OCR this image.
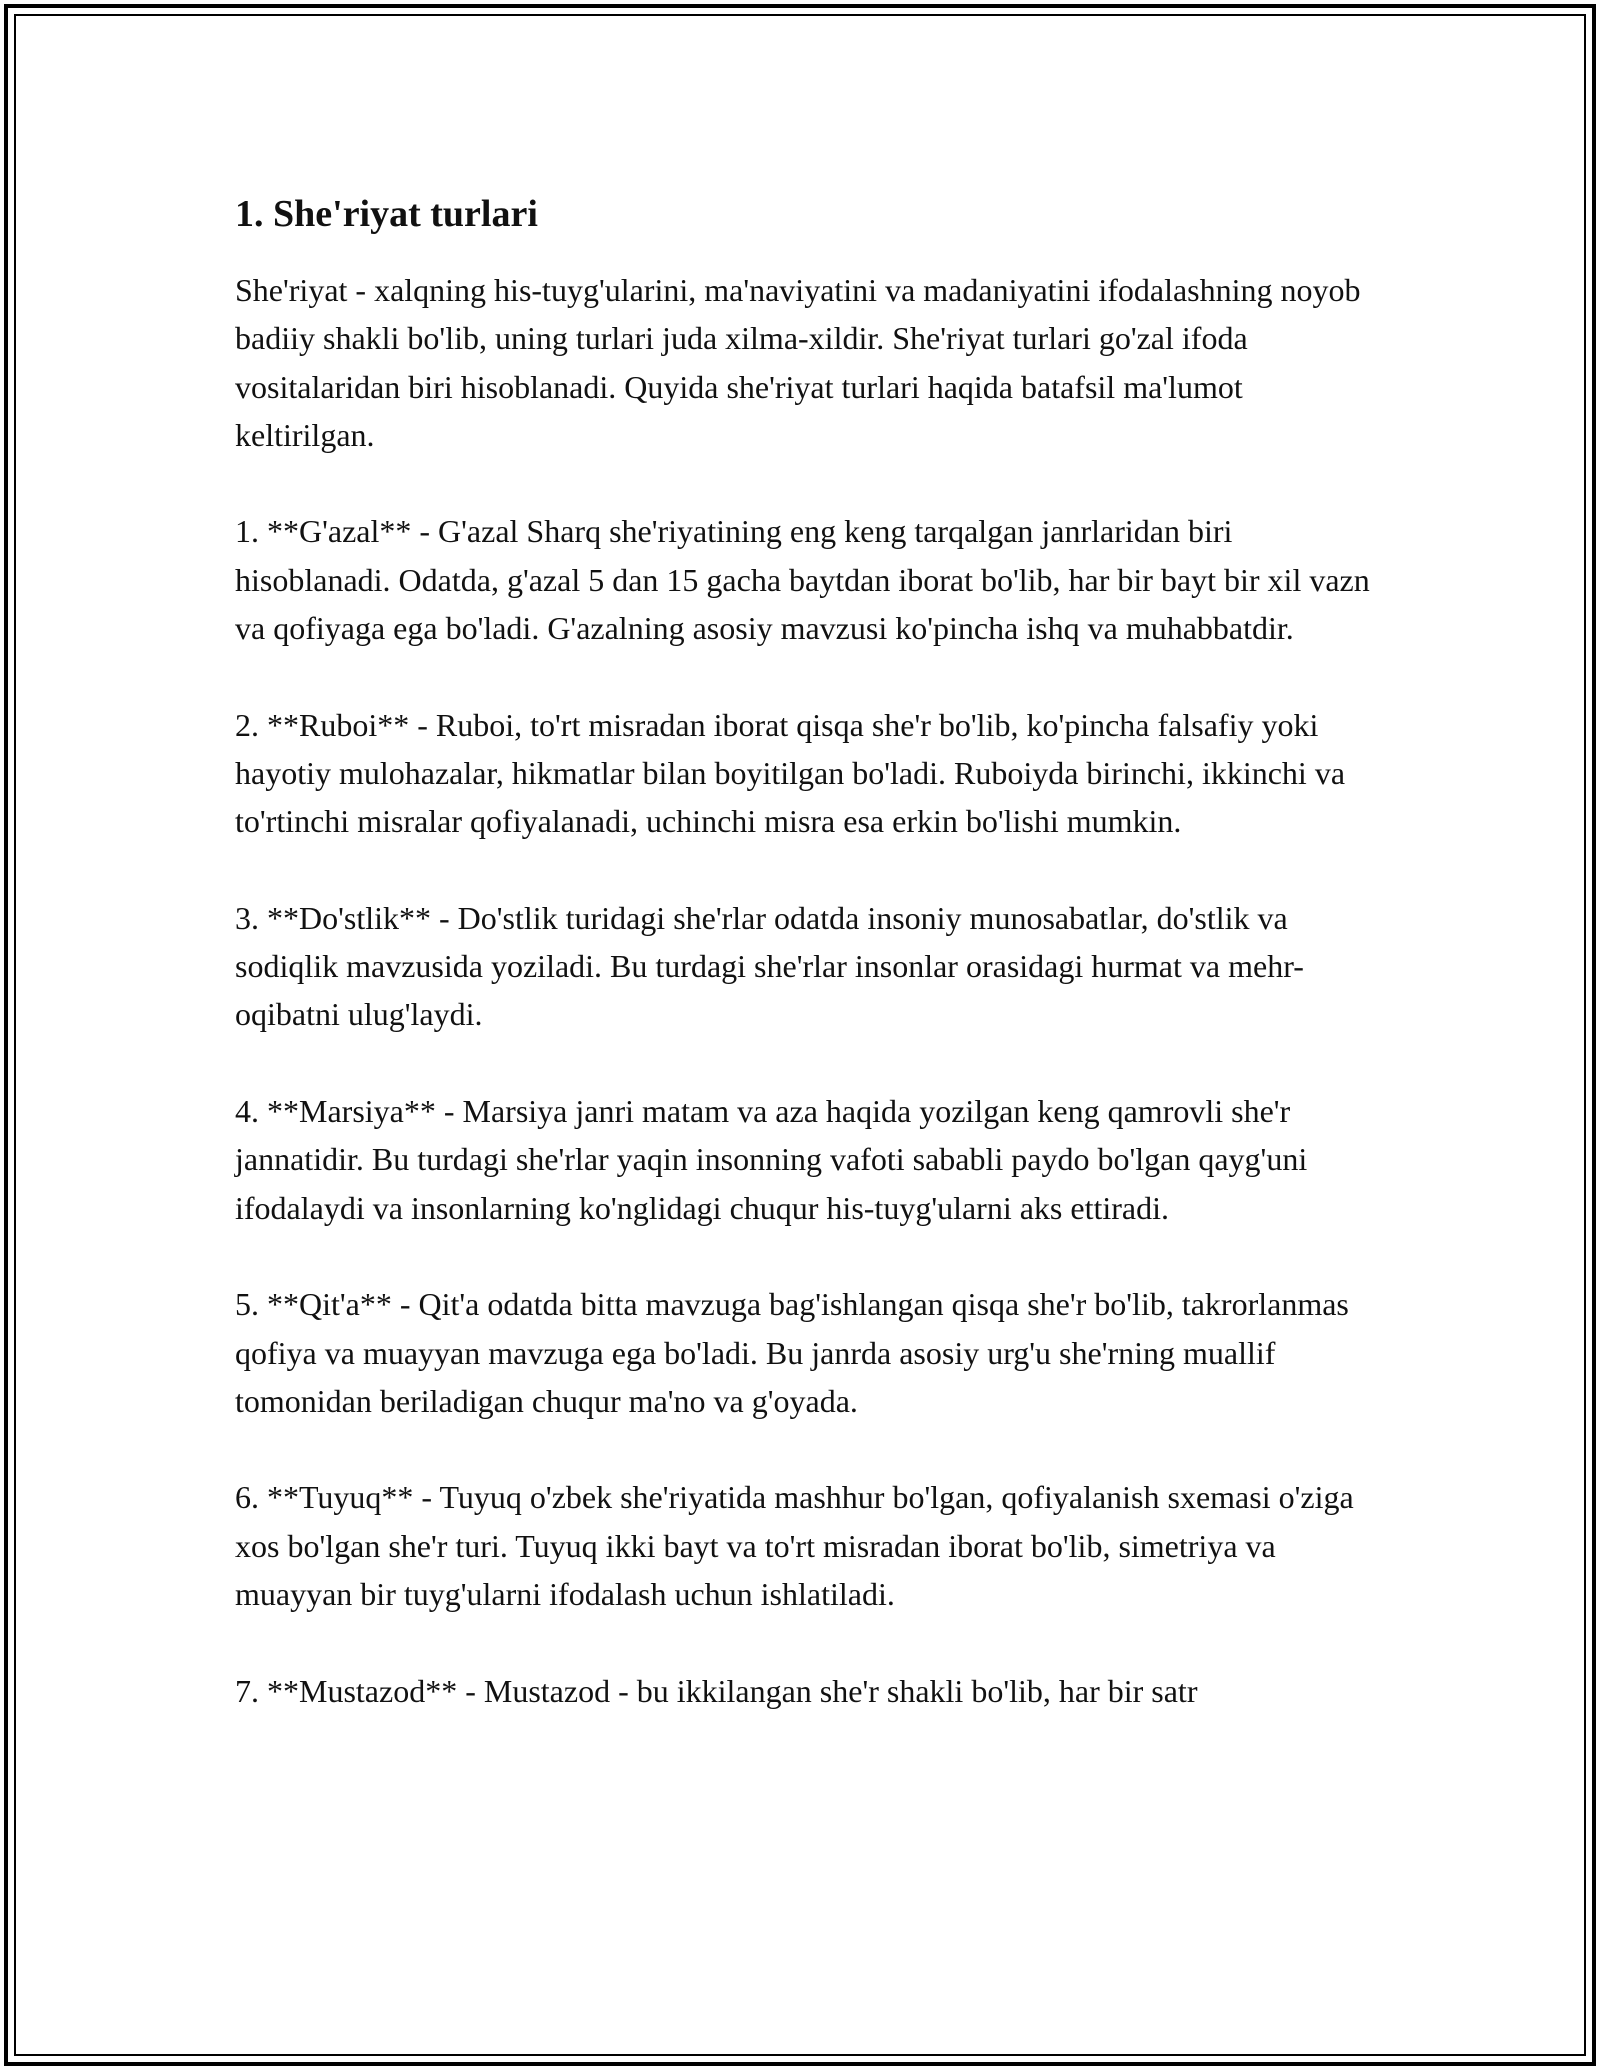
1. She'riyat turlari

She'riyat - xalqning his-tuyg'ularini, ma'naviyatini va madaniyatini ifodalashning noyob badiiy shakli bo'lib, uning turlari juda xilma-xildir. She'riyat turlari go'zal ifoda vositalaridan biri hisoblanadi. Quyida she'riyat turlari haqida batafsil ma'lumot keltirilgan.

1. **G'azal** - G'azal Sharq she'riyatining eng keng tarqalgan janrlaridan biri hisoblanadi. Odatda, g'azal 5 dan 15 gacha baytdan iborat bo'lib, har bir bayt bir xil vazn va qofiyaga ega bo'ladi. G'azalning asosiy mavzusi ko'pincha ishq va muhabbatdir.

2. **Ruboi** - Ruboi, to'rt misradan iborat qisqa she'r bo'lib, ko'pincha falsafiy yoki hayotiy mulohazalar, hikmatlar bilan boyitilgan bo'ladi. Ruboiyda birinchi, ikkinchi va to'rtinchi misralar qofiyalanadi, uchinchi misra esa erkin bo'lishi mumkin.

3. **Do'stlik** - Do'stlik turidagi she'rlar odatda insoniy munosabatlar, do'stlik va sodiqlik mavzusida yoziladi. Bu turdagi she'rlar insonlar orasidagi hurmat va mehr-oqibatni ulug'laydi.

4. **Marsiya** - Marsiya janri matam va aza haqida yozilgan keng qamrovli she'r jannatidir. Bu turdagi she'rlar yaqin insonning vafoti sababli paydo bo'lgan qayg'uni ifodalaydi va insonlarning ko'nglidagi chuqur his-tuyg'ularni aks ettiradi.

5. **Qit'a** - Qit'a odatda bitta mavzuga bag'ishlangan qisqa she'r bo'lib, takrorlanmas qofiya va muayyan mavzuga ega bo'ladi. Bu janrda asosiy urg'u she'rning muallif tomonidan beriladigan chuqur ma'no va g'oyada.

6. **Tuyuq** - Tuyuq o'zbek she'riyatida mashhur bo'lgan, qofiyalanish sxemasi o'ziga xos bo'lgan she'r turi. Tuyuq ikki bayt va to'rt misradan iborat bo'lib, simetriya va muayyan bir tuyg'ularni ifodalash uchun ishlatiladi.

7. **Mustazod** - Mustazod - bu ikkilangan she'r shakli bo'lib, har bir satr
